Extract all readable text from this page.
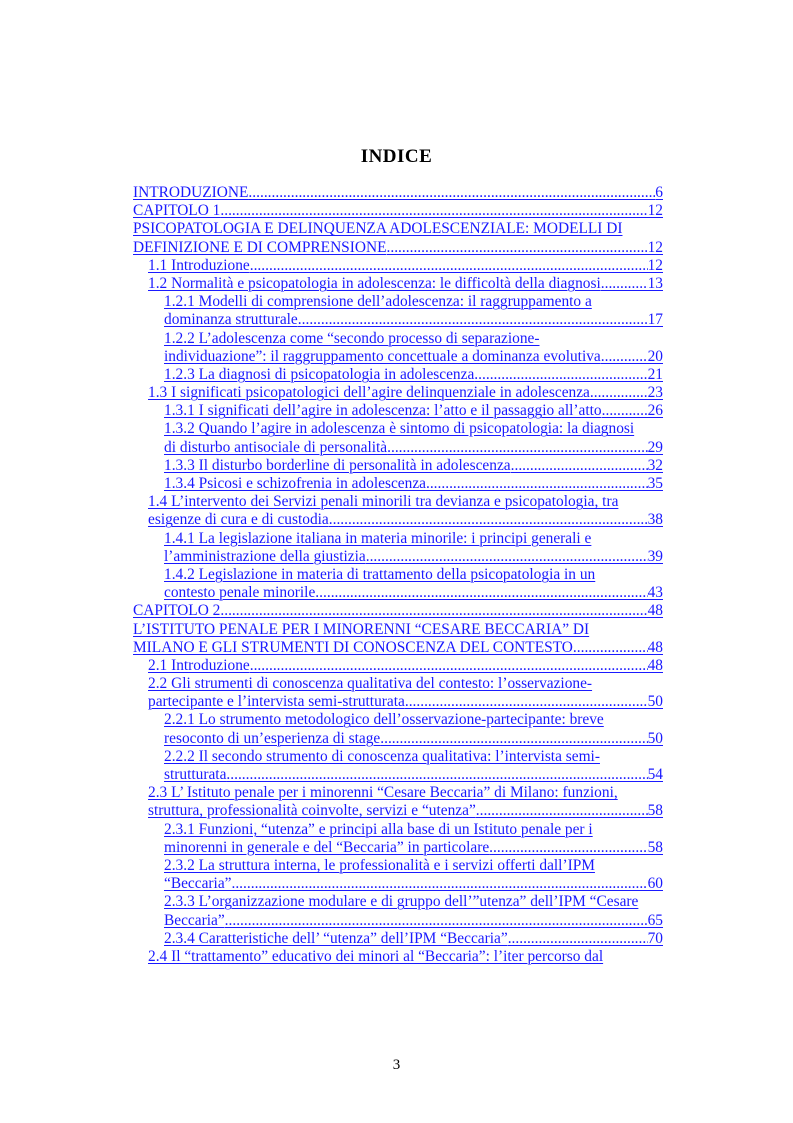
INDICE
INTRODUZIONE .....	6
CAPITOLO 1 .....	12
PSICOPATOLOGIA E DELINQUENZA ADOLESCENZIALE: MODELLI DI
DEFINIZIONE E DI COMPRENSIONE .....	12
1.1 Introduzione .....	12
1.2 Normalità e psicopatologia in adolescenza: le difficoltà della diagnosi .....	13
1.2.1 Modelli di comprensione dell’adolescenza: il raggruppamento a
dominanza strutturale .....	17
1.2.2 L’adolescenza come “secondo processo di separazione-
individuazione”: il raggruppamento concettuale a dominanza evolutiva .....	20
1.2.3 La diagnosi di psicopatologia in adolescenza .....	21
1.3 I significati psicopatologici dell’agire delinquenziale in adolescenza .....	23
1.3.1 I significati dell’agire in adolescenza: l’atto e il passaggio all’atto .....	26
1.3.2 Quando l’agire in adolescenza è sintomo di psicopatologia: la diagnosi
di disturbo antisociale di personalità .....	29
1.3.3 Il disturbo borderline di personalità in adolescenza .....	32
1.3.4 Psicosi e schizofrenia in adolescenza .....	35
1.4 L’intervento dei Servizi penali minorili tra devianza e psicopatologia, tra
esigenze di cura e di custodia .....	38
1.4.1 La legislazione italiana in materia minorile: i principi generali e
l’amministrazione della giustizia .....	39
1.4.2 Legislazione in materia di trattamento della psicopatologia in un
contesto penale minorile .....	43
CAPITOLO 2 .....	48
L’ISTITUTO PENALE PER I MINORENNI “CESARE BECCARIA” DI
MILANO E GLI STRUMENTI DI CONOSCENZA DEL CONTESTO .....	48
2.1 Introduzione .....	48
2.2 Gli strumenti di conoscenza qualitativa del contesto: l’osservazione-
partecipante e l’intervista semi-strutturata .....	50
2.2.1 Lo strumento metodologico dell’osservazione-partecipante: breve
resoconto di un’esperienza di stage .....	50
2.2.2 Il secondo strumento di conoscenza qualitativa: l’intervista semi-
strutturata .....	54
2.3 L’ Istituto penale per i minorenni “Cesare Beccaria” di Milano: funzioni,
struttura, professionalità coinvolte, servizi e “utenza” .....	58
2.3.1 Funzioni, “utenza” e principi alla base di un Istituto penale per i
minorenni in generale e del “Beccaria” in particolare .....	58
2.3.2 La struttura interna, le professionalità e i servizi offerti dall’IPM
“Beccaria” .....	60
2.3.3 L’organizzazione modulare e di gruppo dell’”utenza” dell’IPM “Cesare
Beccaria” .....	65
2.3.4 Caratteristiche dell’ “utenza” dell’IPM “Beccaria” .....	70
2.4 Il “trattamento” educativo dei minori al “Beccaria”: l’iter percorso dal
3
